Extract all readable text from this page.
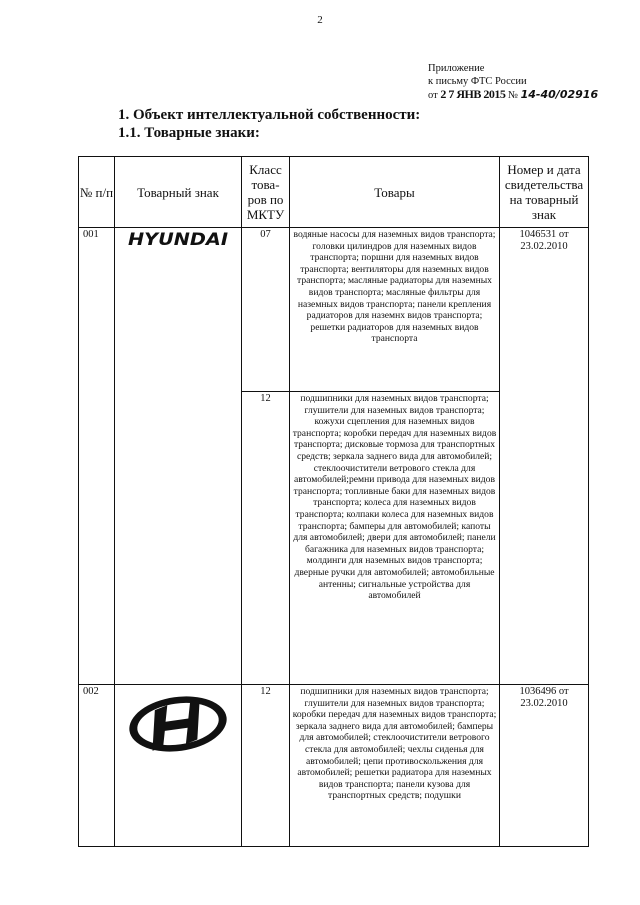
2
Приложение
к письму ФТС России
от 2 7 ЯНВ 2015 № 14-40/02916
1. Объект интеллектуальной собственности:
1.1. Товарные знаки:
№ п/п	Товарный знак	Класс това-ров по МКТУ	Товары	Номер и дата свидетельства на товарный знак
001	HYUNDAI	07	водяные насосы для наземных видов транспорта; головки цилиндров для наземных видов транспорта; поршни для наземных видов транспорта; вентиляторы для наземных видов транспорта; масляные радиаторы для наземных видов транспорта; масляные фильтры для наземных видов транспорта; панели крепления радиаторов для наземнх видов транспорта; решетки радиаторов для наземных видов транспорта	1046531 от 23.02.2010
		12	подшипники для наземных видов транспорта; глушители для наземных видов транспорта; кожухи сцепления для наземных видов транспорта; коробки передач для наземных видов транспорта; дисковые тормоза для транспортных средств; зеркала заднего вида для автомобилей; стеклоочистители ветрового стекла для автомобилей;ремни привода для наземных видов транспорта; топливные баки для наземных видов транспорта; колеса для наземных видов транспорта; колпаки колеса для наземных видов транспорта; бамперы для автомобилей; капоты для автомобилей; двери для автомобилей; панели багажника для наземных видов транспорта; молдинги для наземных видов транспорта; дверные ручки для автомобилей; автомобильные антенны; сигнальные устройства для автомобилей	
002		12	подшипники для наземных видов транспорта; глушители для наземных видов транспорта; коробки передач для наземных видов транспорта; зеркала заднего вида для автомобилей; бамперы для автомобилей; стеклоочистители ветрового стекла для автомобилей; чехлы сиденья для автомобилей; цепи противоскольжения для автомобилей; решетки радиатора для наземных видов транспорта; панели кузова для транспортных средств; подушки	1036496 от 23.02.2010
